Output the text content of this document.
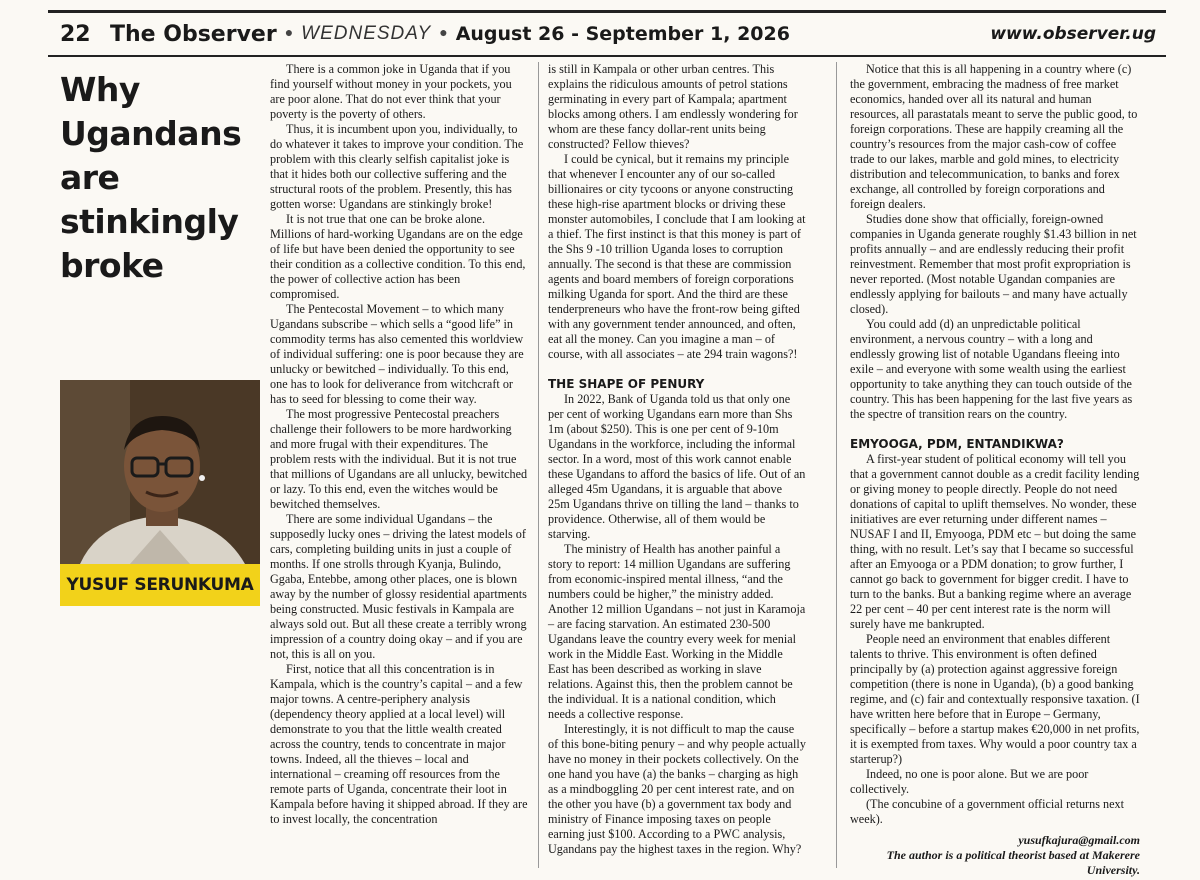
22 The Observer ● WEDNESDAY ● August 26 - September 1, 2026	www.observer.ug
Why Ugandans are stinkingly broke
YUSUF SERUNKUMA

There is a common joke in Uganda that if you find yourself without money in your pockets, you are poor alone. That do not ever think that your poverty is the poverty of others.

Thus, it is incumbent upon you, individually, to do whatever it takes to improve your condition. The problem with this clearly selfish capitalist joke is that it hides both our collective suffering and the structural roots of the problem. Presently, this has gotten worse: Ugandans are stinkingly broke!

It is not true that one can be broke alone. Millions of hard-working Ugandans are on the edge of life but have been denied the opportunity to see their condition as a collective condition. To this end, the power of collective action has been compromised.

The Pentecostal Movement – to which many Ugandans subscribe – which sells a “good life” in commodity terms has also cemented this worldview of individual suffering: one is poor because they are unlucky or bewitched – individually. To this end, one has to look for deliverance from witchcraft or has to seed for blessing to come their way.

The most progressive Pentecostal preachers challenge their followers to be more hardworking and more frugal with their expenditures. The problem rests with the individual. But it is not true that millions of Ugandans are all unlucky, bewitched or lazy. To this end, even the witches would be bewitched themselves.

There are some individual Ugandans – the supposedly lucky ones – driving the latest models of cars, completing building units in just a couple of months. If one strolls through Kyanja, Bulindo, Ggaba, Entebbe, among other places, one is blown away by the number of glossy residential apartments being constructed. Music festivals in Kampala are always sold out. But all these create a terribly wrong impression of a country doing okay – and if you are not, this is all on you.

First, notice that all this concentration is in Kampala, which is the country’s capital – and a few major towns. A centre-periphery analysis (dependency theory applied at a local level) will demonstrate to you that the little wealth created across the country, tends to concentrate in major towns. Indeed, all the thieves – local and international – creaming off resources from the remote parts of Uganda, concentrate their loot in Kampala before having it shipped abroad. If they are to invest locally, the concentration

is still in Kampala or other urban centres. This explains the ridiculous amounts of petrol stations germinating in every part of Kampala; apartment blocks among others. I am endlessly wondering for whom are these fancy dollar-rent units being constructed? Fellow thieves?

I could be cynical, but it remains my principle that whenever I encounter any of our so-called billionaires or city tycoons or anyone constructing these high-rise apartment blocks or driving these monster automobiles, I conclude that I am looking at a thief. The first instinct is that this money is part of the Shs 9 -10 trillion Uganda loses to corruption annually. The second is that these are commission agents and board members of foreign corporations milking Uganda for sport. And the third are these tenderpreneurs who have the front-row being gifted with any government tender announced, and often, eat all the money. Can you imagine a man – of course, with all associates – ate 294 train wagons?!

THE SHAPE OF PENURY

In 2022, Bank of Uganda told us that only one per cent of working Ugandans earn more than Shs 1m (about $250). This is one per cent of 9-10m Ugandans in the workforce, including the informal sector. In a word, most of this work cannot enable these Ugandans to afford the basics of life. Out of an alleged 45m Ugandans, it is arguable that above 25m Ugandans thrive on tilling the land – thanks to providence. Otherwise, all of them would be starving.

The ministry of Health has another painful a story to report: 14 million Ugandans are suffering from economic-inspired mental illness, “and the numbers could be higher,” the ministry added. Another 12 million Ugandans – not just in Karamoja – are facing starvation. An estimated 230-500 Ugandans leave the country every week for menial work in the Middle East. Working in the Middle East has been described as working in slave relations. Against this, then the problem cannot be the individual. It is a national condition, which needs a collective response.

Interestingly, it is not difficult to map the cause of this bone-biting penury – and why people actually have no money in their pockets collectively. On the one hand you have (a) the banks – charging as high as a mindboggling 20 per cent interest rate, and on the other you have (b) a government tax body and ministry of Finance imposing taxes on people earning just $100. According to a PWC analysis, Ugandans pay the highest taxes in the region. Why?

Notice that this is all happening in a country where (c) the government, embracing the madness of free market economics, handed over all its natural and human resources, all parastatals meant to serve the public good, to foreign corporations. These are happily creaming all the country’s resources from the major cash-cow of coffee trade to our lakes, marble and gold mines, to electricity distribution and telecommunication, to banks and forex exchange, all controlled by foreign corporations and foreign dealers.

Studies done show that officially, foreign-owned companies in Uganda generate roughly $1.43 billion in net profits annually – and are endlessly reducing their profit reinvestment. Remember that most profit expropriation is never reported. (Most notable Ugandan companies are endlessly applying for bailouts – and many have actually closed).

You could add (d) an unpredictable political environment, a nervous country – with a long and endlessly growing list of notable Ugandans fleeing into exile – and everyone with some wealth using the earliest opportunity to take anything they can touch outside of the country. This has been happening for the last five years as the spectre of transition rears on the country.

EMYOOGA, PDM, ENTANDIKWA?

A first-year student of political economy will tell you that a government cannot double as a credit facility lending or giving money to people directly. People do not need donations of capital to uplift themselves. No wonder, these initiatives are ever returning under different names – NUSAF I and II, Emyooga, PDM etc – but doing the same thing, with no result. Let’s say that I became so successful after an Emyooga or a PDM donation; to grow further, I cannot go back to government for bigger credit. I have to turn to the banks. But a banking regime where an average 22 per cent – 40 per cent interest rate is the norm will surely have me bankrupted.

People need an environment that enables different talents to thrive. This environment is often defined principally by (a) protection against aggressive foreign competition (there is none in Uganda), (b) a good banking regime, and (c) fair and contextually responsive taxation. (I have written here before that in Europe – Germany, specifically – before a startup makes €20,000 in net profits, it is exempted from taxes. Why would a poor country tax a starterup?)

Indeed, no one is poor alone. But we are poor collectively.

(The concubine of a government official returns next week).

yusufkajura@gmail.com
The author is a political theorist based at Makerere University.
